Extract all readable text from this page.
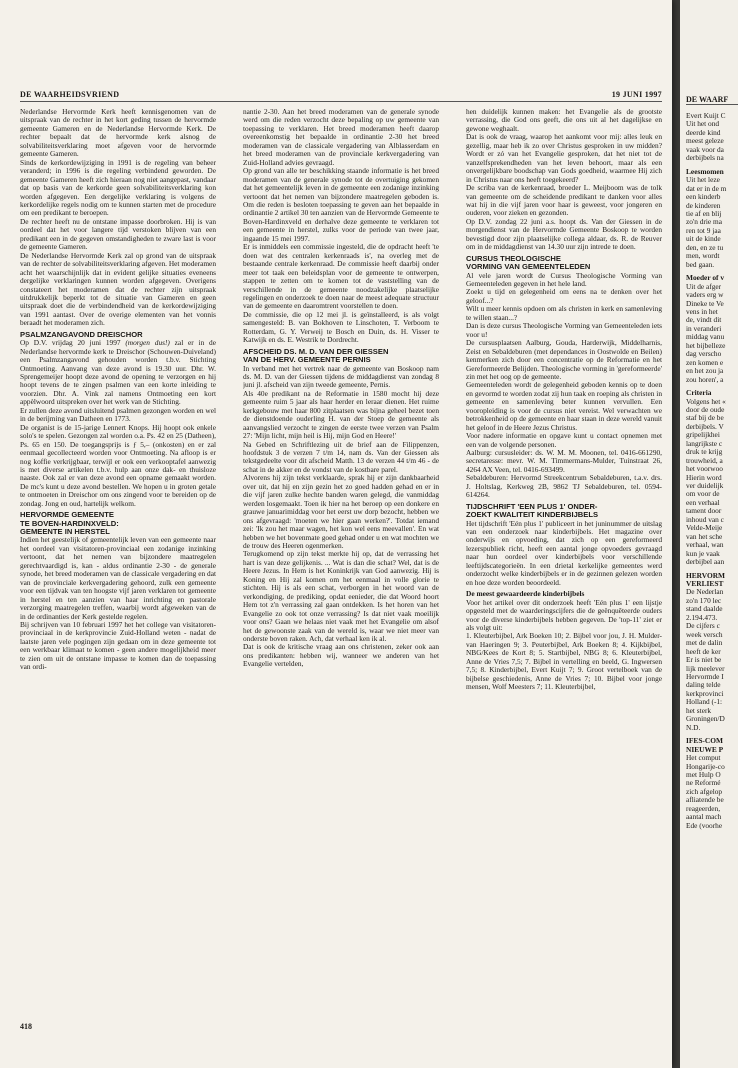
DE WAARHEIDSVRIEND	19 JUNI 1997

Nederlandse Hervormde Kerk heeft kennisgenomen van de uitspraak van de rechter in het kort geding tussen de hervormde gemeente Gameren en de Nederlandse Hervormde Kerk. De rechter bepaalt dat de hervormde kerk alsnog de solvabiliteitsverklaring moet afgeven voor de hervormde gemeente Gameren.

Sinds de kerkordewijziging in 1991 is de regeling van beheer veranderd; in 1996 is die regeling verbindend geworden. De gemeente Gameren heeft zich hieraan nog niet aangepast, vandaar dat op basis van de kerkorde geen solvabiliteitsverklaring kon worden afgegeven. Een dergelijke verklaring is volgens de kerkordelijke regels nodig om te kunnen starten met de procedure om een predikant te beroepen.

De rechter heeft nu de ontstane impasse doorbroken. Hij is van oordeel dat het voor langere tijd verstoken blijven van een predikant een in de gegeven omstandigheden te zware last is voor de gemeente Gameren.

De Nederlandse Hervormde Kerk zal op grond van de uitspraak van de rechter de solvabiliteitsverklaring afgeven. Het moderamen acht het waarschijnlijk dat in evident gelijke situaties eveneens dergelijke verklaringen kunnen worden afgegeven. Overigens constateert het moderamen dat de rechter zijn uitspraak uitdrukkelijk beperkt tot de situatie van Gameren en geen uitspraak doet die de verbindendheid van de kerkordewijziging van 1991 aantast. Over de overige elementen van het vonnis beraadt het moderamen zich.

PSALMZANGAVOND DREISCHOR

Op D.V. vrijdag 20 juni 1997 (morgen dus!) zal er in de Nederlandse hervormde kerk te Dreischor (Schouwen-Duiveland) een Psalmzangavond gehouden worden t.b.v. Stichting Ontmoeting. Aanvang van deze avond is 19.30 uur. Dhr. W. Sprengemeijer hoopt deze avond de opening te verzorgen en hij hoopt tevens de te zingen psalmen van een korte inleiding te voorzien. Dhr. A. Vink zal namens Ontmoeting een kort appèlwoord uitspreken over het werk van de Stichting.

Er zullen deze avond uitsluitend psalmen gezongen worden en wel in de berijming van Datheen en 1773.

De organist is de 15-jarige Lennert Knops. Hij hoopt ook enkele solo's te spelen. Gezongen zal worden o.a. Ps. 42 en 25 (Datheen), Ps. 65 en 150. De toegangsprijs is ƒ 5,– (onkosten) en er zal eenmaal gecollecteerd worden voor Ontmoeting. Na afloop is er nog koffie verkrijgbaar, terwijl er ook een verkooptafel aanwezig is met diverse artikelen t.b.v. hulp aan onze dak- en thuisloze naaste. Ook zal er van deze avond een opname gemaakt worden. De mc's kunt u deze avond bestellen. We hopen u in groten getale te ontmoeten in Dreischor om ons zingend voor te bereiden op de zondag. Jong en oud, hartelijk welkom.

HERVORMDE GEMEENTE
TE BOVEN-HARDINXVELD:
GEMEENTE IN HERSTEL

Indien het geestelijk of gemeentelijk leven van een gemeente naar het oordeel van visitatoren-provinciaal een zodanige inzinking vertoont, dat het nemen van bijzondere maatregelen gerechtvaardigd is, kan - aldus ordinantie 2-30 - de generale synode, het breed moderamen van de classicale vergadering en dat van de provinciale kerkvergadering gehoord, zulk een gemeente voor een tijdvak van ten hoogste vijf jaren verklaren tot gemeente in herstel en ten aanzien van haar inrichting en pastorale verzorging maatregelen treffen, waarbij wordt afgeweken van de in de ordinanties der Kerk gestelde regelen.

Bij schrijven van 10 februari 1997 het het college van visitatoren-provinciaal in de kerkprovincie Zuid-Holland weten - nadat de laatste jaren vele pogingen zijn gedaan om in deze gemeente tot een werkbaar klimaat te komen - geen andere mogelijkheid meer te zien om uit de ontstane impasse te komen dan de toepassing van ordi-

nantie 2-30. Aan het breed moderamen van de generale synode werd om die reden verzocht deze bepaling op uw gemeente van toepassing te verklaren. Het breed moderamen heeft daarop overeenkomstig het bepaalde in ordinantie 2-30 het breed moderamen van de classicale vergadering van Alblasserdam en het breed moderamen van de provinciale kerkvergadering van Zuid-Holland advies gevraagd.

Op grond van alle ter beschikking staande informatie is het breed moderamen van de generale synode tot de overtuiging gekomen dat het gemeentelijk leven in de gemeente een zodanige inzinking vertoont dat het nemen van bijzondere maatregelen geboden is. Om die reden is besloten toepassing te geven aan het bepaalde in ordinantie 2 artikel 30 ten aanzien van de Hervormde Gemeente te Boven-Hardinxveld en derhalve deze gemeente te verklaren tot een gemeente in herstel, zulks voor de periode van twee jaar, ingaande 15 mei 1997.

Er is inmiddels een commissie ingesteld, die de opdracht heeft 'te doen wat des centralen kerkenraads is', na overleg met de bestaande centrale kerkenraad. De commissie heeft daarbij onder meer tot taak een beleidsplan voor de gemeente te ontwerpen, stappen te zetten om te komen tot de vaststelling van de verschillende in de gemeente noodzakelijke plaatselijke regelingen en onderzoek te doen naar de meest adequate structuur van de gemeente en daaromtrent voorstellen te doen.

De commissie, die op 12 mei jl. is geïnstalleerd, is als volgt samengesteld: B. van Bokhoven te Linschoten, T. Verboom te Rotterdam, G. Y. Verweij te Bosch en Duin, ds. H. Visser te Katwijk en ds. E. Westrik te Dordrecht.

AFSCHEID DS. M. D. VAN DER GIESSEN
VAN DE HERV. GEMEENTE PERNIS

In verband met het vertrek naar de gemeente van Boskoop nam ds. M. D. van der Giessen tijdens de middagdienst van zondag 8 juni jl. afscheid van zijn tweede gemeente, Pernis.

Als 40e predikant na de Reformatie in 1580 mocht hij deze gemeente ruim 5 jaar als haar herder en leraar dienen. Het ruime kerkgebouw met haar 800 zitplaatsen was bijna geheel bezet toen de dienstdoende ouderling H. van der Stoep de gemeente als aanvangslied verzocht te zingen de eerste twee verzen van Psalm 27: 'Mijn licht, mijn heil is Hij, mijn God en Heere!'

Na Gebed en Schriftlezing uit de brief aan de Filippenzen, hoofdstuk 3 de verzen 7 t/m 14, nam ds. Van der Giessen als tekstgedeelte voor dit afscheid Matth. 13 de verzen 44 t/m 46 - de schat in de akker en de vondst van de kostbare parel.

Alvorens hij zijn tekst verklaarde, sprak hij er zijn dankbaarheid over uit, dat hij en zijn gezin het zo goed hadden gehad en er in die vijf jaren zulke hechte banden waren gelegd, die vanmiddag werden losgemaakt. Toen ik hier na het beroep op een donkere en grauwe januarimiddag voor het eerst uw dorp bezocht, hebben we ons afgevraagd: 'moeten we hier gaan werken?'. Totdat iemand zei: 'Ik zou het maar wagen, het kon wel eens meevallen'. En wat hebben we het bovenmate goed gehad onder u en wat mochten we de trouw des Heeren ogenmerken.

Terugkomend op zijn tekst merkte hij op, dat de verrassing het hart is van deze gelijkenis. ... Wat is dan die schat? Wel, dat is de Heere Jezus. In Hem is het Koninkrijk van God aanwezig. Hij is Koning en Hij zal komen om het eenmaal in volle glorie te stichten. Hij is als een schat, verborgen in het woord van de verkondiging, de prediking, opdat eenieder, die dat Woord hoort Hem tot z'n verrassing zal gaan ontdekken. Is het horen van het Evangelie zo ook tot onze verrassing? Is dat niet vaak moeilijk voor ons? Gaan we helaas niet vaak met het Evangelie om alsof het de gewoonste zaak van de wereld is, waar we niet meer van onderste boven raken. Ach, dat verhaal ken ik al.

Dat is ook de kritische vraag aan ons christenen, zeker ook aan ons predikanten: hebben wij, wanneer we anderen van het Evangelie vertelden,

hen duidelijk kunnen maken: het Evangelie als de grootste verrassing, die God ons geeft, die ons uit al het dagelijkse en gewone weghaalt.

Dat is ook de vraag, waarop het aankomt voor mij: alles leuk en gezellig, maar heb ik zo over Christus gesproken in uw midden? Wordt er zó van het Evangelie gesproken, dat het niet tot de vanzelfsprekendheden van het leven behoort, maar als een onvergelijkbare boodschap van Gods goedheid, waarmee Hij zich in Christus naar ons heeft toegekeerd?

De scriba van de kerkenraad, broeder L. Meijboom was de tolk van gemeente om de scheidende predikant te danken voor alles wat hij in die vijf jaren voor haar is geweest, voor jongeren en ouderen, voor zieken en gezonden.

Op D.V. zondag 22 juni a.s. hoopt ds. Van der Giessen in de morgendienst van de Hervormde Gemeente Boskoop te worden bevestigd door zijn plaatselijke collega aldaar, ds. R. de Reuver om in de middagdienst van 14.30 uur zijn intrede te doen.

CURSUS THEOLOGISCHE
VORMING VAN GEMEENTELEDEN

Al vele jaren wordt de Cursus Theologische Vorming van Gemeenteleden gegeven in het hele land.

Zoekt u tijd en gelegenheid om eens na te denken over het geloof...?

Wilt u meer kennis opdoen om als christen in kerk en samenleving te willen staan...?

Dan is deze cursus Theologische Vorming van Gemeenteleden iets voor u!

De cursusplaatsen Aalburg, Gouda, Harderwijk, Middelharnis, Zeist en Sebaldeburen (met dependances in Oostwolde en Beilen) kenmerken zich door een concentratie op de Reformatie en het Gereformeerde Belijden. Theologische vorming in 'gereformeerde' zin met het oog op de gemeente.

Gemeenteleden wordt de gelegenheid geboden kennis op te doen en gevormd te worden zodat zij hun taak en roeping als christen in gemeente en samenleving beter kunnen vervullen. Een vooropleiding is voor de cursus niet vereist. Wel verwachten we betrokkenheid op de gemeente en haar staan in deze wereld vanuit het geloof in de Heere Jezus Christus.

Voor nadere informatie en opgave kunt u contact opnemen met een van de volgende personen.

Aalburg: cursusleider: ds. W. M. M. Moonen, tel. 0416-661290, secretaresse: mevr. W. M. Timmermans-Mulder, Tuinstraat 26, 4264 AX Veen, tel. 0416-693499.

Sebaldeburen: Hervormd Streekcentrum Sebaldeburen, t.a.v. drs. J. Holtslag, Kerkweg 2B, 9862 TJ Sebaldeburen, tel. 0594-614264.

TIJDSCHRIFT 'EEN PLUS 1' ONDER-
ZOEKT KWALITEIT KINDERBIJBELS

Het tijdschrift 'Eén plus 1' publiceert in het juninummer de uitslag van een onderzoek naar kinderbijbels. Het magazine over onderwijs en opvoeding, dat zich op een gereformeerd lezerspubliek richt, heeft een aantal jonge opvoeders gevraagd naar hun oordeel over kinderbijbels voor verschillende leeftijdscategorieën. In een drietal kerkelijke gemeentes werd onderzocht welke kinderbijbels er in de gezinnen gelezen worden en hoe deze worden beoordeeld.

De meest gewaardeerde kinderbijbels

Voor het artikel over dit onderzoek heeft 'Eén plus 1' een lijstje opgesteld met de waarderingscijfers die de geënquêteerde ouders voor de diverse kinderbijbels hebben gegeven. De 'top-11' ziet er als volgt uit:

1. Kleuterbijbel, Ark Boeken 10; 2. Bijbel voor jou, J. H. Mulder-van Haeringen 9; 3. Peuterbijbel, Ark Boeken 8; 4. Kijkbijbel, NBG/Kees de Kort 8; 5. Startbijbel, NBG 8; 6. Kleuterbijbel, Anne de Vries 7,5; 7. Bijbel in vertelling en beeld, G. Ingwersen 7,5; 8. Kinderbijbel, Evert Kuijt 7; 9. Groot vertelboek van de bijbelse geschiedenis, Anne de Vries 7; 10. Bijbel voor jonge mensen, Wolf Meesters 7; 11. Kleuterbijbel,

418
DE WAARF

Evert Kuijt C

Uit het ond

deerde kind

meest geleze

vaak voor da

derbijbels na

Leesmomen

Uit het leze

dat er in de m

een kinderb

de kinderen

tie af en blij

zo'n drie ma

ren tot 9 jaa

uit de kinde

den, en ze tu

men, wordt

bed gaan.

Moeder of v

Uit de afger

vaders erg w

Dineke te Ve

vens in het

de, vindt dit

in veranderi

middag vanu

het bijbelleze

dag verscho

zen komen e

en het zou ja

zou horen', a

Criteria

Volgens het «

door de oude

staf bij de be

derbijbels. V

gripelijkhei

langrijkste c

druk te krijg

trouwheid, a

het voorwoo

Hierin word

ver duidelijk

om voor de

een verhaal

tament door

inhoud van c

Velde-Meije

van het sche

verhaal, wan

kun je vaak

derbijbel aan

HERVORM
VERLIEST

De Nederlan

zo'n 170 lec

stand daalde

2.194.473.

De cijfers c

week versch

met de dalin

heeft de ker

Er is niet be

lijk meelever

Hervormde I

daling telde

kerkprovinci

Holland (-1:

het sterk

Groningen/D

N.D.

IFES-COM
NIEUWE P

Het comput

Hongarije-co

met Hulp O

ne Reformé

zich afgelop

afliatende be

reageerden,

aantal mach

Ede (voorhe
